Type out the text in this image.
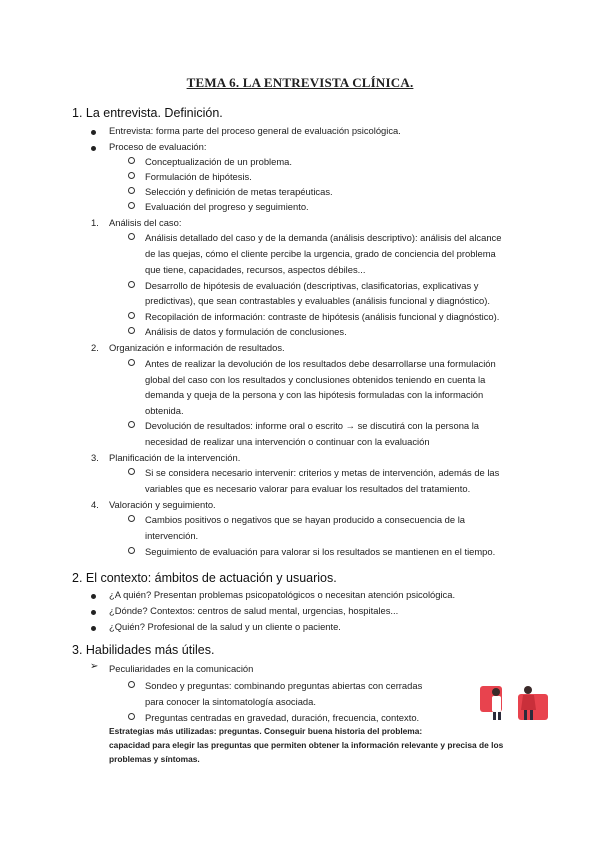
TEMA 6. LA ENTREVISTA CLÍNICA.
1. La entrevista. Definición.
Entrevista: forma parte del proceso general de evaluación psicológica.
Proceso de evaluación:
Conceptualización de un problema.
Formulación de hipótesis.
Selección y definición de metas terapéuticas.
Evaluación del progreso y seguimiento.
1. Análisis del caso:
Análisis detallado del caso y de la demanda (análisis descriptivo): análisis del alcance
de las quejas, cómo el cliente percibe la urgencia, grado de conciencia del problema
que tiene, capacidades, recursos, aspectos débiles...
Desarrollo de hipótesis de evaluación (descriptivas, clasificatorias, explicativas y
predictivas), que sean contrastables y evaluables (análisis funcional y diagnóstico).
Recopilación de información: contraste de hipótesis (análisis funcional y diagnóstico).
Análisis de datos y formulación de conclusiones.
2. Organización e información de resultados.
Antes de realizar la devolución de los resultados debe desarrollarse una formulación
global del caso con los resultados y conclusiones obtenidos teniendo en cuenta la
demanda y queja de la persona y con las hipótesis formuladas con la información
obtenida.
Devolución de resultados: informe oral o escrito → se discutirá con la persona la
necesidad de realizar una intervención o continuar con la evaluación
3. Planificación de la intervención.
Si se considera necesario intervenir: criterios y metas de intervención, además de las
variables que es necesario valorar para evaluar los resultados del tratamiento.
4. Valoración y seguimiento.
Cambios positivos o negativos que se hayan producido a consecuencia de la
intervención.
Seguimiento de evaluación para valorar si los resultados se mantienen en el tiempo.
2. El contexto: ámbitos de actuación y usuarios.
¿A quién? Presentan problemas psicopatológicos o necesitan atención psicológica.
¿Dónde? Contextos: centros de salud mental, urgencias, hospitales...
¿Quién? Profesional de la salud y un cliente o paciente.
3. Habilidades más útiles.
➢ Peculiaridades en la comunicación
Sondeo y preguntas: combinando preguntas abiertas con cerradas
para conocer la sintomatología asociada.
Preguntas centradas en gravedad, duración, frecuencia, contexto.
Estrategias más utilizadas: preguntas. Conseguir buena historia del problema:
capacidad para elegir las preguntas que permiten obtener la información relevante y precisa de los
problemas y síntomas.
